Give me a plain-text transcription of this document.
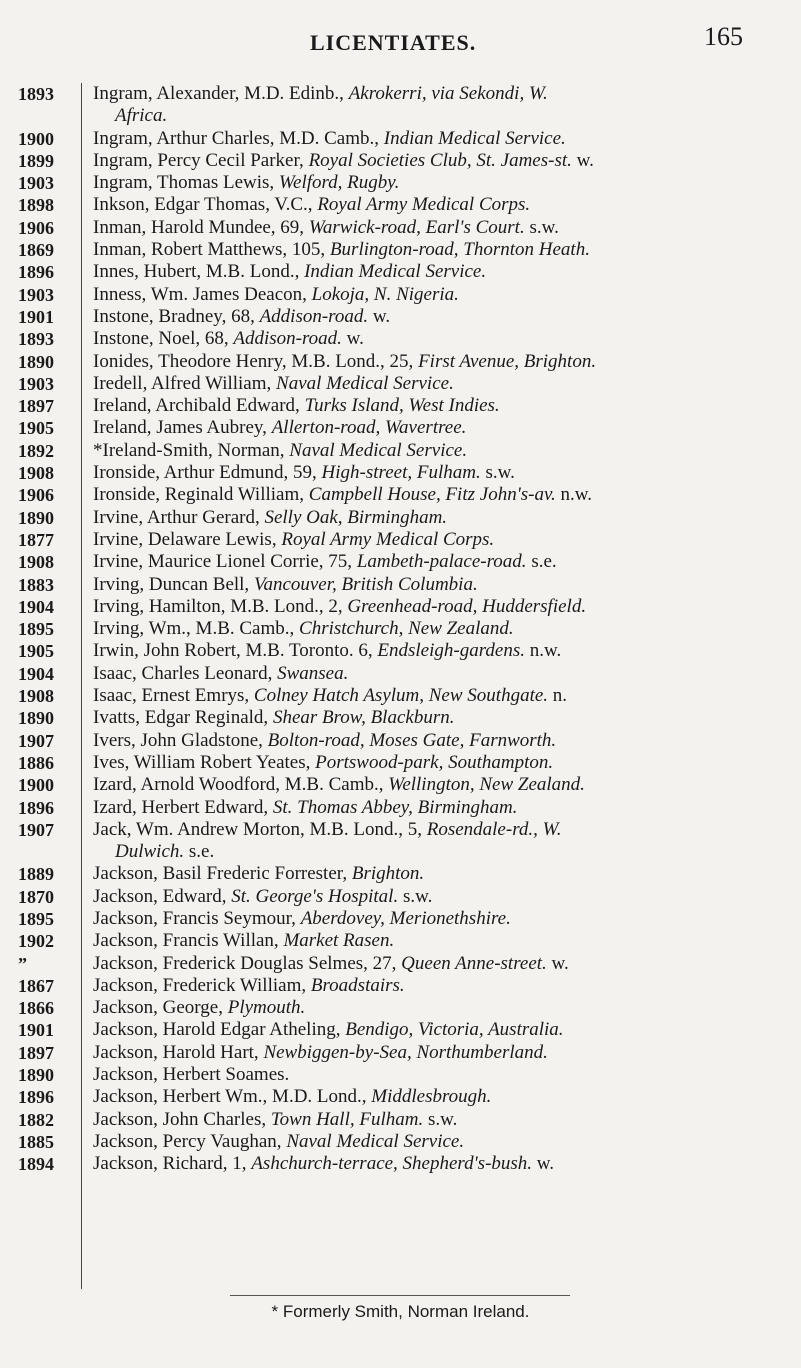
LICENTIATES.	165
1893	Ingram, Alexander, M.D. Edinb., Akrokerri, via Sekondi, W.
Africa.
1900	Ingram, Arthur Charles, M.D. Camb., Indian Medical Service.
1899	Ingram, Percy Cecil Parker, Royal Societies Club, St. James-st. w.
1903	Ingram, Thomas Lewis, Welford, Rugby.
1898	Inkson, Edgar Thomas, V.C., Royal Army Medical Corps.
1906	Inman, Harold Mundee, 69, Warwick-road, Earl's Court. s.w.
1869	Inman, Robert Matthews, 105, Burlington-road, Thornton Heath.
1896	Innes, Hubert, M.B. Lond., Indian Medical Service.
1903	Inness, Wm. James Deacon, Lokoja, N. Nigeria.
1901	Instone, Bradney, 68, Addison-road. w.
1893	Instone, Noel, 68, Addison-road. w.
1890	Ionides, Theodore Henry, M.B. Lond., 25, First Avenue, Brighton.
1903	Iredell, Alfred William, Naval Medical Service.
1897	Ireland, Archibald Edward, Turks Island, West Indies.
1905	Ireland, James Aubrey, Allerton-road, Wavertree.
1892	*Ireland-Smith, Norman, Naval Medical Service.
1908	Ironside, Arthur Edmund, 59, High-street, Fulham. s.w.
1906	Ironside, Reginald William, Campbell House, Fitz John's-av. n.w.
1890	Irvine, Arthur Gerard, Selly Oak, Birmingham.
1877	Irvine, Delaware Lewis, Royal Army Medical Corps.
1908	Irvine, Maurice Lionel Corrie, 75, Lambeth-palace-road. s.e.
1883	Irving, Duncan Bell, Vancouver, British Columbia.
1904	Irving, Hamilton, M.B. Lond., 2, Greenhead-road, Huddersfield.
1895	Irving, Wm., M.B. Camb., Christchurch, New Zealand.
1905	Irwin, John Robert, M.B. Toronto. 6, Endsleigh-gardens. n.w.
1904	Isaac, Charles Leonard, Swansea.
1908	Isaac, Ernest Emrys, Colney Hatch Asylum, New Southgate. n.
1890	Ivatts, Edgar Reginald, Shear Brow, Blackburn.
1907	Ivers, John Gladstone, Bolton-road, Moses Gate, Farnworth.
1886	Ives, William Robert Yeates, Portswood-park, Southampton.
1900	Izard, Arnold Woodford, M.B. Camb., Wellington, New Zealand.
1896	Izard, Herbert Edward, St. Thomas Abbey, Birmingham.
1907	Jack, Wm. Andrew Morton, M.B. Lond., 5, Rosendale-rd., W.
Dulwich. s.e.
1889	Jackson, Basil Frederic Forrester, Brighton.
1870	Jackson, Edward, St. George's Hospital. s.w.
1895	Jackson, Francis Seymour, Aberdovey, Merionethshire.
1902	Jackson, Francis Willan, Market Rasen.
”	Jackson, Frederick Douglas Selmes, 27, Queen Anne-street. w.
1867	Jackson, Frederick William, Broadstairs.
1866	Jackson, George, Plymouth.
1901	Jackson, Harold Edgar Atheling, Bendigo, Victoria, Australia.
1897	Jackson, Harold Hart, Newbiggen-by-Sea, Northumberland.
1890	Jackson, Herbert Soames.
1896	Jackson, Herbert Wm., M.D. Lond., Middlesbrough.
1882	Jackson, John Charles, Town Hall, Fulham. s.w.
1885	Jackson, Percy Vaughan, Naval Medical Service.
1894	Jackson, Richard, 1, Ashchurch-terrace, Shepherd's-bush. w.
* Formerly Smith, Norman Ireland.
